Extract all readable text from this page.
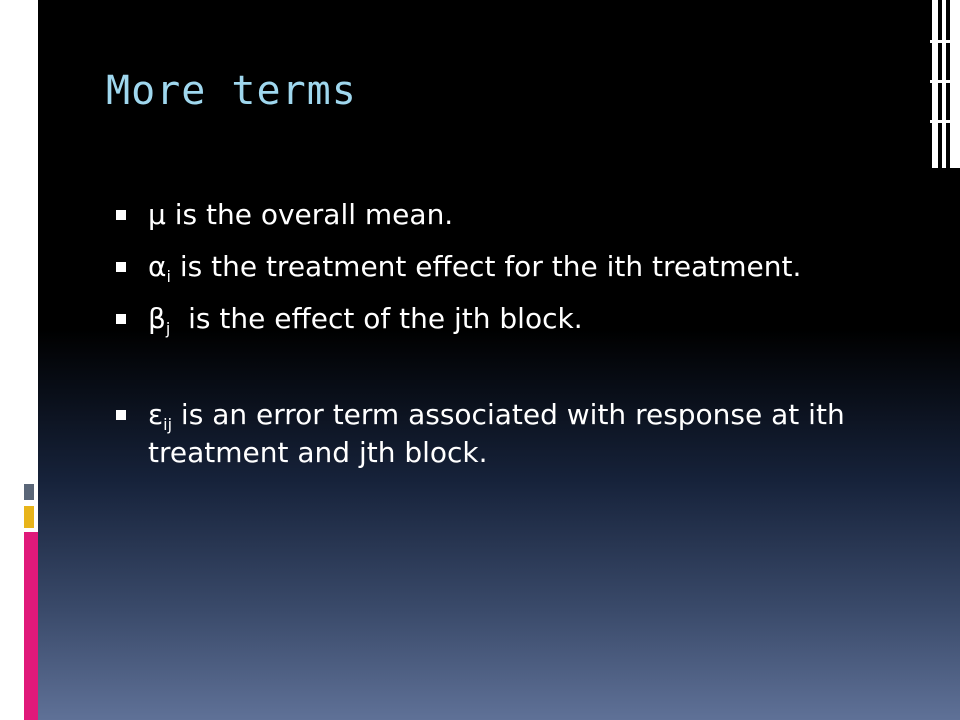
More terms
μ is the overall mean.
$\alpha_i$ is the treatment effect for the ith treatment.
$\beta_j$  is the effect of the jth block.
$\varepsilon_{ij}$ is an error term associated with response at ith treatment and jth block.
